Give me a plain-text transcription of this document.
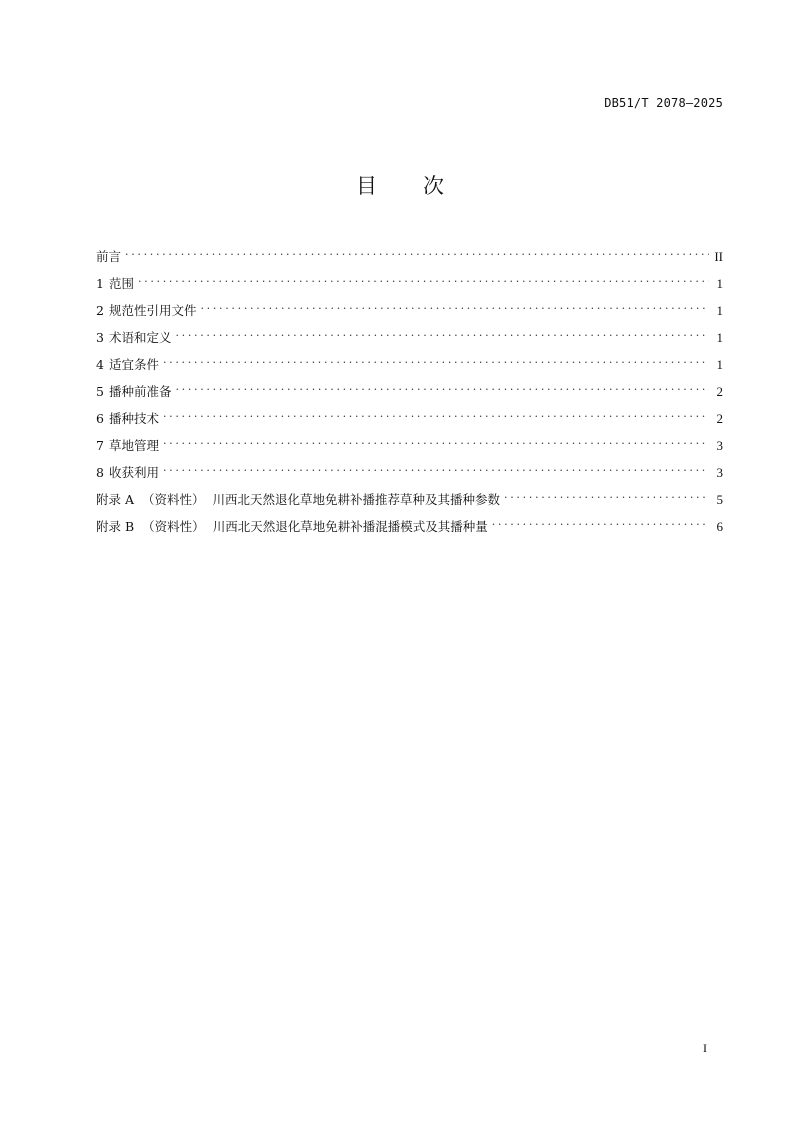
DB51/T 2078—2025
目 次
前言 . . .	II
1 范围 . . .	1
2 规范性引用文件 . . .	1
3 术语和定义 . . .	1
4 适宜条件 . . .	1
5 播种前准备 . . .	2
6 播种技术 . . .	2
7 草地管理 . . .	3
8 收获利用 . . .	3
附录 A （资料性） 川西北天然退化草地免耕补播推荐草种及其播种参数 . . .	5
附录 B （资料性） 川西北天然退化草地免耕补播混播模式及其播种量 . . .	6
I
